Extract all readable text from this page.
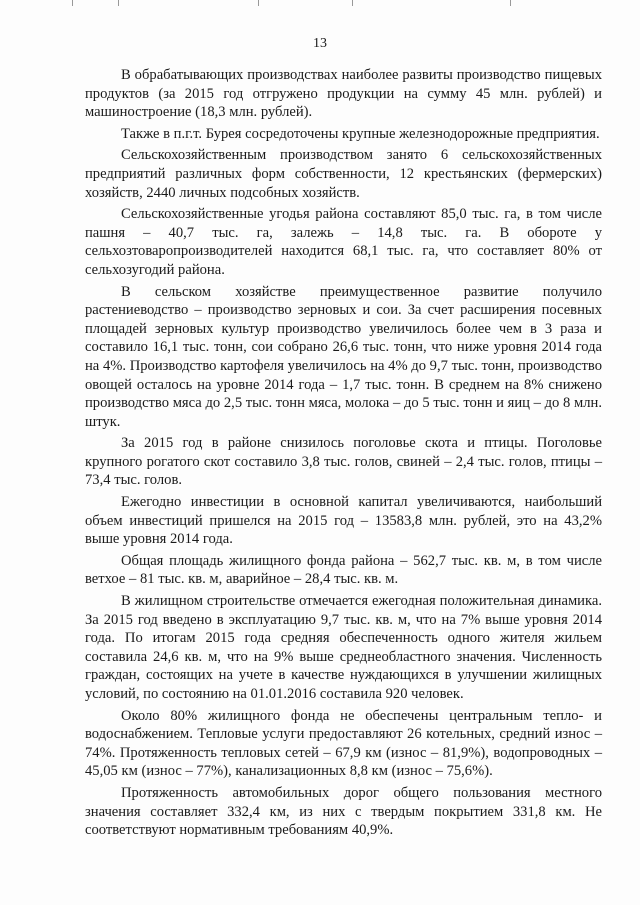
13

В обрабатывающих производствах наиболее развиты производство пищевых продуктов (за 2015 год отгружено продукции на сумму 45 млн. рублей) и машиностроение (18,3 млн. рублей).

Также в п.г.т. Бурея сосредоточены крупные железнодорожные предприятия.

Сельскохозяйственным производством занято 6 сельскохозяйственных предприятий различных форм собственности, 12 крестьянских (фермерских) хозяйств, 2440 личных подсобных хозяйств.

Сельскохозяйственные угодья района составляют 85,0 тыс. га, в том числе пашня – 40,7 тыс. га, залежь – 14,8 тыс. га. В обороте у сельхозтоваропроизводителей находится 68,1 тыс. га, что составляет 80% от сельхозугодий района.

В сельском хозяйстве преимущественное развитие получило растениеводство – производство зерновых и сои. За счет расширения посевных площадей зерновых культур производство увеличилось более чем в 3 раза и составило 16,1 тыс. тонн, сои собрано 26,6 тыс. тонн, что ниже уровня 2014 года на 4%. Производство картофеля увеличилось на 4% до 9,7 тыс. тонн, производство овощей осталось на уровне 2014 года – 1,7 тыс. тонн. В среднем на 8% снижено производство мяса до 2,5 тыс. тонн мяса, молока – до 5 тыс. тонн и яиц – до 8 млн. штук.

За 2015 год в районе снизилось поголовье скота и птицы. Поголовье крупного рогатого скот составило 3,8 тыс. голов, свиней – 2,4 тыс. голов, птицы – 73,4 тыс. голов.

Ежегодно инвестиции в основной капитал увеличиваются, наибольший объем инвестиций пришелся на 2015 год – 13583,8 млн. рублей, это на 43,2% выше уровня 2014 года.

Общая площадь жилищного фонда района – 562,7 тыс. кв. м, в том числе ветхое – 81 тыс. кв. м, аварийное – 28,4 тыс. кв. м.

В жилищном строительстве отмечается ежегодная положительная динамика. За 2015 год введено в эксплуатацию 9,7 тыс. кв. м, что на 7% выше уровня 2014 года. По итогам 2015 года средняя обеспеченность одного жителя жильем составила 24,6 кв. м, что на 9% выше среднеобластного значения. Численность граждан, состоящих на учете в качестве нуждающихся в улучшении жилищных условий, по состоянию на 01.01.2016 составила 920 человек.

Около 80% жилищного фонда не обеспечены центральным тепло- и водоснабжением. Тепловые услуги предоставляют 26 котельных, средний износ – 74%. Протяженность тепловых сетей – 67,9 км (износ – 81,9%), водопроводных – 45,05 км (износ – 77%), канализационных 8,8 км (износ – 75,6%).

Протяженность автомобильных дорог общего пользования местного значения составляет 332,4 км, из них с твердым покрытием 331,8 км. Не соответствуют нормативным требованиям 40,9%.
